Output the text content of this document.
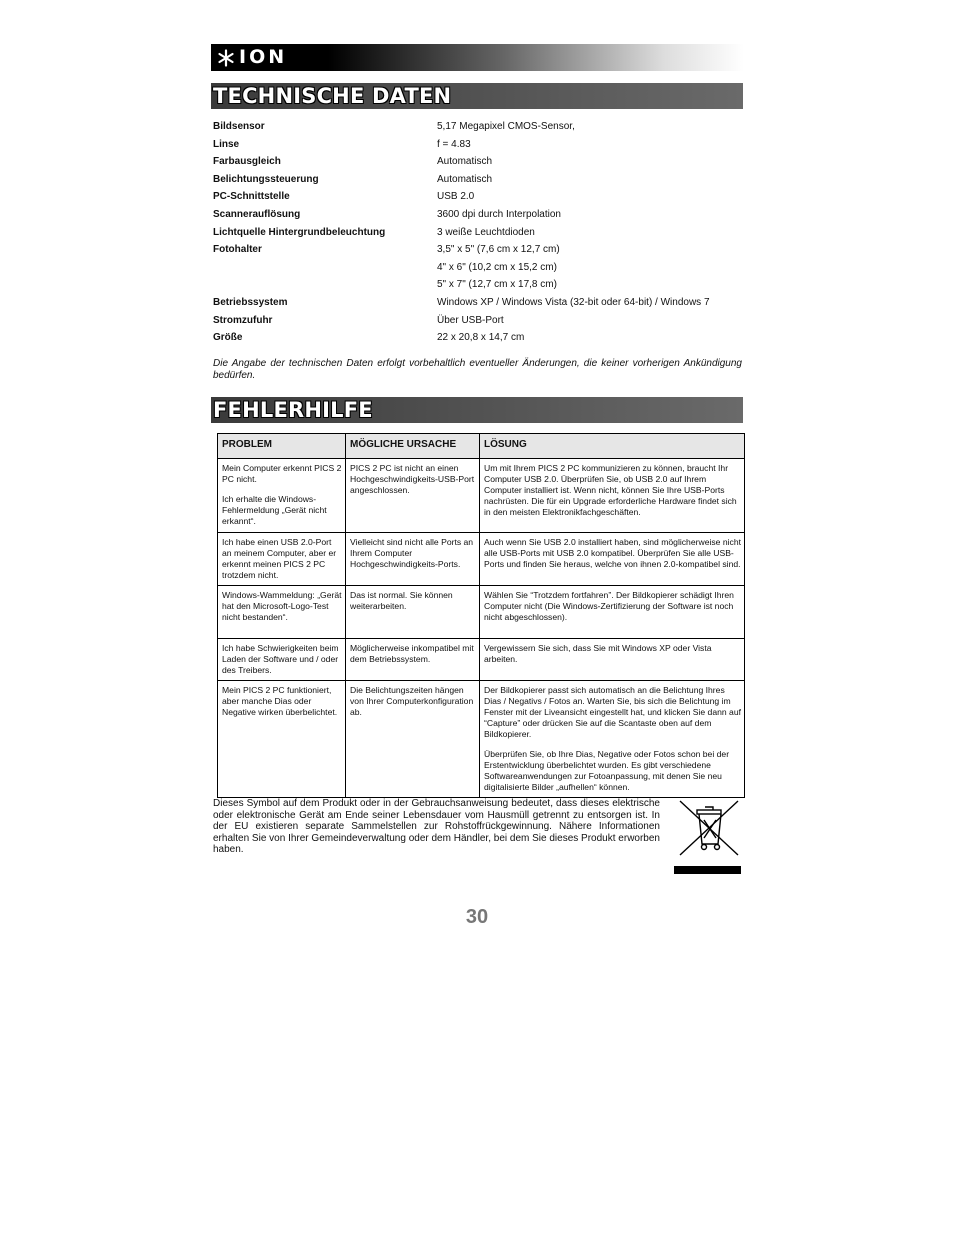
ION
TECHNISCHE DATEN
Bildsensor	5,17 Megapixel CMOS-Sensor,
Linse	f = 4.83
Farbausgleich	Automatisch
Belichtungssteuerung	Automatisch
PC-Schnittstelle	USB 2.0
Scannerauflösung	3600 dpi durch Interpolation
Lichtquelle Hintergrundbeleuchtung	3 weiße Leuchtdioden
Fotohalter	3,5" x 5" (7,6 cm x 12,7 cm)
4" x 6" (10,2 cm x 15,2 cm)
5" x 7" (12,7 cm x 17,8 cm)
Betriebssystem	Windows XP / Windows Vista (32-bit oder 64-bit) / Windows 7
Stromzufuhr	Über USB-Port
Größe	22 x 20,8 x 14,7 cm
Die Angabe der technischen Daten erfolgt vorbehaltlich eventueller Änderungen, die keiner vorherigen Ankündigung bedürfen.
FEHLERHILFE
PROBLEM	MÖGLICHE URSACHE	LÖSUNG

Mein Computer erkennt PICS 2 PC nicht.

Ich erhalte die Windows-Fehlermeldung „Gerät nicht erkannt“.	PICS 2 PC ist nicht an einen Hochgeschwindigkeits-USB-Port angeschlossen.	Um mit Ihrem PICS 2 PC kommunizieren zu können, braucht Ihr Computer USB 2.0. Überprüfen Sie, ob USB 2.0 auf Ihrem Computer installiert ist. Wenn nicht, können Sie Ihre USB-Ports nachrüsten. Die für ein Upgrade erforderliche Hardware findet sich in den meisten Elektronikfachgeschäften.

Ich habe einen USB 2.0-Port an meinem Computer, aber er erkennt meinen PICS 2 PC trotzdem nicht.	Vielleicht sind nicht alle Ports an Ihrem Computer Hochgeschwindigkeits-Ports.	Auch wenn Sie USB 2.0 installiert haben, sind möglicherweise nicht alle USB-Ports mit USB 2.0 kompatibel. Überprüfen Sie alle USB-Ports und finden Sie heraus, welche von ihnen 2.0-kompatibel sind.

Windows-Wammeldung: „Gerät hat den Microsoft-Logo-Test nicht bestanden“.	Das ist normal. Sie können weiterarbeiten.	Wählen Sie “Trotzdem fortfahren”. Der Bildkopierer schädigt Ihren Computer nicht (Die Windows-Zertifizierung der Software ist noch nicht abgeschlossen).

Ich habe Schwierigkeiten beim Laden der Software und / oder des Treibers.	Möglicherweise inkompatibel mit dem Betriebssystem.	Vergewissern Sie sich, dass Sie mit Windows XP oder Vista arbeiten.

Mein PICS 2 PC funktioniert, aber manche Dias oder Negative wirken überbelichtet.	Die Belichtungszeiten hängen von Ihrer Computerkonfiguration ab.	Der Bildkopierer passt sich automatisch an die Belichtung Ihres Dias / Negativs / Fotos an. Warten Sie, bis sich die Belichtung im Fenster mit der Liveansicht eingestellt hat, und klicken Sie dann auf “Capture” oder drücken Sie auf die Scantaste oben auf dem Bildkopierer.

Überprüfen Sie, ob Ihre Dias, Negative oder Fotos schon bei der Erstentwicklung überbelichtet wurden. Es gibt verschiedene Softwareanwendungen zur Fotoanpassung, mit denen Sie neu digitalisierte Bilder „aufhellen“ können.

Dieses Symbol auf dem Produkt oder in der Gebrauchsanweisung bedeutet, dass dieses elektrische oder elektronische Gerät am Ende seiner Lebensdauer vom Hausmüll getrennt zu entsorgen ist. In der EU existieren separate Sammelstellen zur Rohstoffrückgewinnung. Nähere Informationen erhalten Sie von Ihrer Gemeindeverwaltung oder dem Händler, bei dem Sie dieses Produkt erworben haben.
30
